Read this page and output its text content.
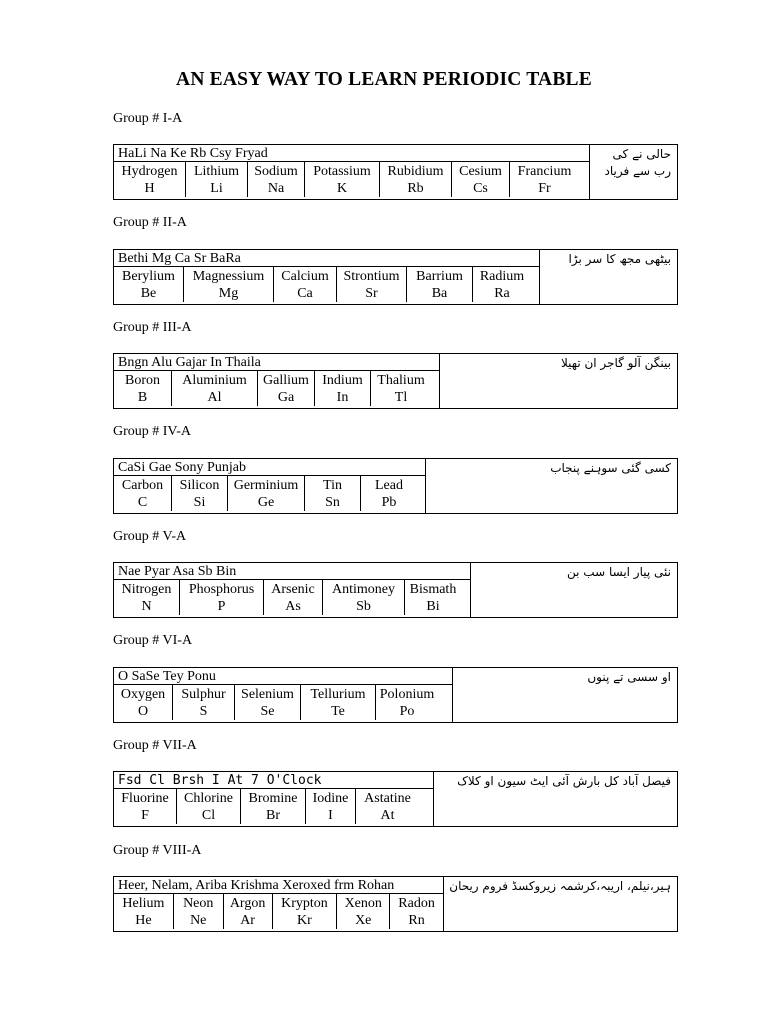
AN EASY WAY TO LEARN PERIODIC TABLE
Group # I-A
HaLi Na Ke Rb Csy Fryad
Hydrogen
H
Lithium
Li
Sodium
Na
Potassium
K
Rubidium
Rb
Cesium
Cs
Francium
Fr
حالی نے کی
رب سے فریاد
Group # II-A
Bethi Mg Ca Sr BaRa
Berylium
Be
Magnessium
Mg
Calcium
Ca
Strontium
Sr
Barrium
Ba
Radium
Ra
بیٹھی مجھ کا سر بڑا
Group # III-A
Bngn Alu Gajar In Thaila
Boron
B
Aluminium
Al
Gallium
Ga
Indium
In
Thalium
Tl
بینگن آلو گاجر ان تھیلا
Group # IV-A
CaSi Gae Sony Punjab
Carbon
C
Silicon
Si
Germinium
Ge
Tin
Sn
Lead
Pb
کسی گئی سوہنے پنجاب
Group # V-A
Nae Pyar Asa Sb Bin
Nitrogen
N
Phosphorus
P
Arsenic
As
Antimoney
Sb
Bismath
Bi
نئی پیار ایسا سب بن
Group # VI-A
O SaSe Tey Ponu
Oxygen
O
Sulphur
S
Selenium
Se
Tellurium
Te
Polonium
Po
او سسی تے پنوں
Group # VII-A
Fsd Cl Brsh I At 7 O'Clock
Fluorine
F
Chlorine
Cl
Bromine
Br
Iodine
I
Astatine
At
فیصل آباد کل بارش آئی ایٹ سیون او کلاک
Group # VIII-A
Heer, Nelam, Ariba Krishma Xeroxed frm Rohan
Helium
He
Neon
Ne
Argon
Ar
Krypton
Kr
Xenon
Xe
Radon
Rn
ہیر،نیلم، اریبہ،کرشمہ زیروکسڈ فروم ریحان
